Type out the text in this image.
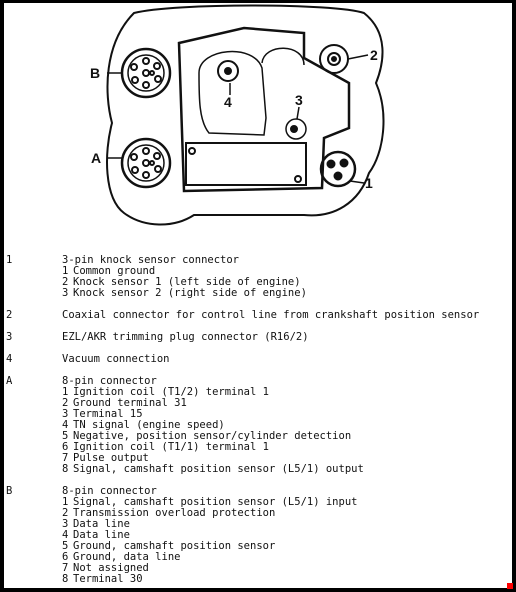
B
A
1
2
3
4
1	3-pin knock sensor connector
1 Common ground
2 Knock sensor 1 (left side of engine)
3 Knock sensor 2 (right side of engine)
2	Coaxial connector for control line from crankshaft position sensor
3	EZL/AKR trimming plug connector (R16/2)
4	Vacuum connection
A	8-pin connector
1 Ignition coil (T1/2) terminal 1
2 Ground terminal 31
3 Terminal 15
4 TN signal (engine speed)
5 Negative, position sensor/cylinder detection
6 Ignition coil (T1/1) terminal 1
7 Pulse output
8 Signal, camshaft position sensor (L5/1) output
B	8-pin connector
1 Signal, camshaft position sensor (L5/1) input
2 Transmission overload protection
3 Data line
4 Data line
5 Ground, camshaft position sensor
6 Ground, data line
7 Not assigned
8 Terminal 30
